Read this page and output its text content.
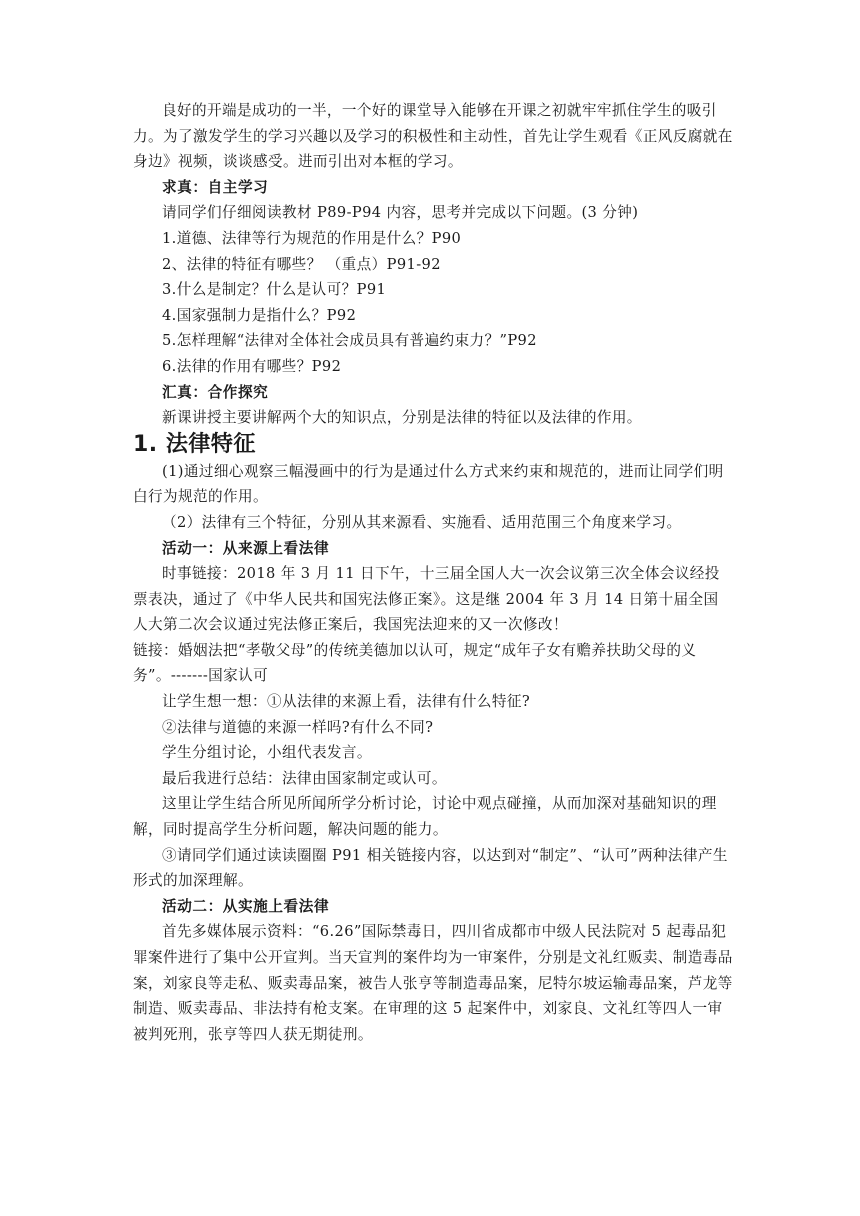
良好的开端是成功的一半，一个好的课堂导入能够在开课之初就牢牢抓住学生的吸引力。为了激发学生的学习兴趣以及学习的积极性和主动性，首先让学生观看《正风反腐就在身边》视频，谈谈感受。进而引出对本框的学习。

求真：自主学习

请同学们仔细阅读教材 P89-P94 内容，思考并完成以下问题。(3 分钟)

1.道德、法律等行为规范的作用是什么？P90

2、法律的特征有哪些？ （重点）P91-92

3.什么是制定？什么是认可？P91

4.国家强制力是指什么？P92

5.怎样理解“法律对全体社会成员具有普遍约束力？”P92

6.法律的作用有哪些？P92

汇真：合作探究

新课讲授主要讲解两个大的知识点，分别是法律的特征以及法律的作用。

1. 法律特征

(1)通过细心观察三幅漫画中的行为是通过什么方式来约束和规范的，进而让同学们明白行为规范的作用。

（2）法律有三个特征，分别从其来源看、实施看、适用范围三个角度来学习。

活动一：从来源上看法律

时事链接：2018 年 3 月 11 日下午，十三届全国人大一次会议第三次全体会议经投票表决，通过了《中华人民共和国宪法修正案》。这是继 2004 年 3 月 14 日第十届全国人大第二次会议通过宪法修正案后，我国宪法迎来的又一次修改！

链接：婚姻法把“孝敬父母”的传统美德加以认可，规定“成年子女有赡养扶助父母的义务”。-------国家认可

让学生想一想：①从法律的来源上看，法律有什么特征?

②法律与道德的来源一样吗?有什么不同?

学生分组讨论，小组代表发言。

最后我进行总结：法律由国家制定或认可。

这里让学生结合所见所闻所学分析讨论，讨论中观点碰撞，从而加深对基础知识的理解，同时提高学生分析问题，解决问题的能力。

③请同学们通过读读圈圈 P91 相关链接内容，以达到对“制定”、“认可”两种法律产生形式的加深理解。

活动二：从实施上看法律

首先多媒体展示资料：“6.26”国际禁毒日，四川省成都市中级人民法院对 5 起毒品犯罪案件进行了集中公开宣判。当天宣判的案件均为一审案件，分别是文礼红贩卖、制造毒品案，刘家良等走私、贩卖毒品案，被告人张亨等制造毒品案，尼特尔坡运输毒品案，芦龙等制造、贩卖毒品、非法持有枪支案。在审理的这 5 起案件中，刘家良、文礼红等四人一审被判死刑，张亨等四人获无期徒刑。
